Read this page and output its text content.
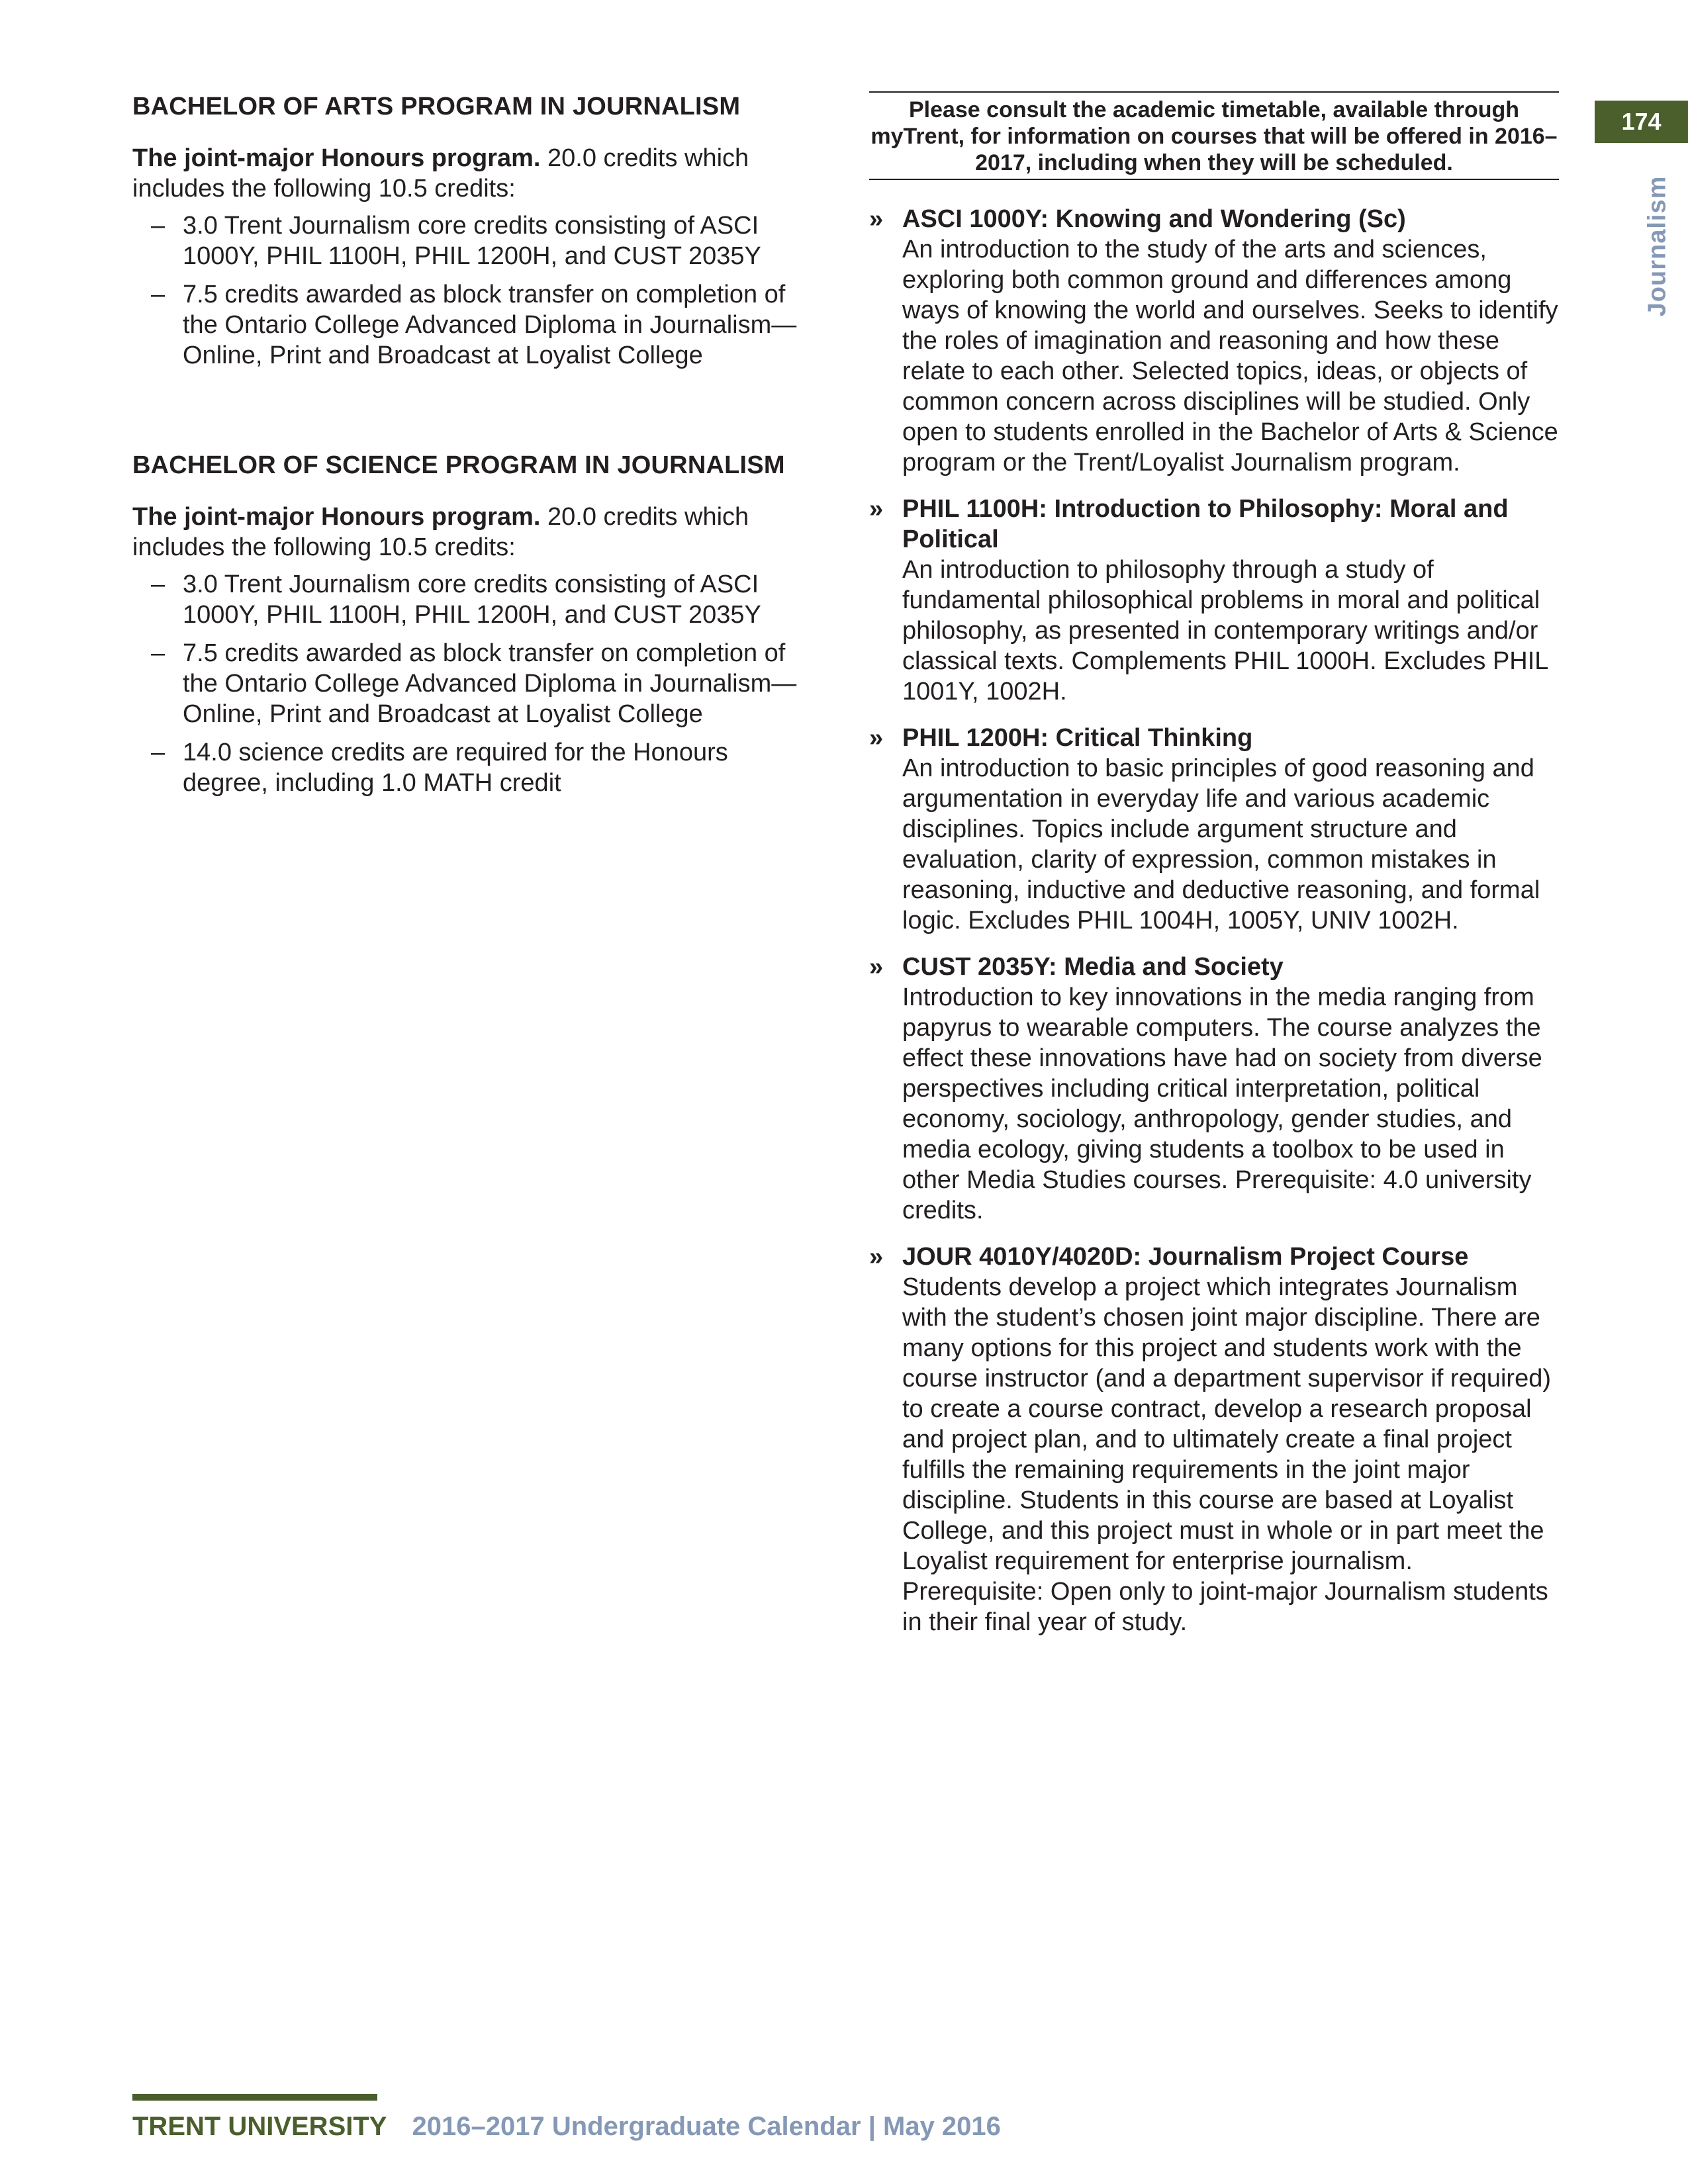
BACHELOR OF ARTS PROGRAM IN JOURNALISM

The joint-major Honours program. 20.0 credits which includes the following 10.5 credits:

– 3.0 Trent Journalism core credits consisting of ASCI 1000Y, PHIL 1100H, PHIL 1200H, and CUST 2035Y
– 7.5 credits awarded as block transfer on completion of the Ontario College Advanced Diploma in Journalism—Online, Print and Broadcast at Loyalist College
BACHELOR OF SCIENCE PROGRAM IN JOURNALISM

The joint-major Honours program. 20.0 credits which includes the following 10.5 credits:

– 3.0 Trent Journalism core credits consisting of ASCI 1000Y, PHIL 1100H, PHIL 1200H, and CUST 2035Y
– 7.5 credits awarded as block transfer on completion of the Ontario College Advanced Diploma in Journalism—Online, Print and Broadcast at Loyalist College
– 14.0 science credits are required for the Honours degree, including 1.0 MATH credit
Please consult the academic timetable, available through myTrent, for information on courses that will be offered in 2016–2017, including when they will be scheduled.
» ASCI 1000Y: Knowing and Wondering (Sc)
An introduction to the study of the arts and sciences, exploring both common ground and differences among ways of knowing the world and ourselves. Seeks to identify the roles of imagination and reasoning and how these relate to each other. Selected topics, ideas, or objects of common concern across disciplines will be studied. Only open to students enrolled in the Bachelor of Arts & Science program or the Trent/Loyalist Journalism program.
» PHIL 1100H: Introduction to Philosophy: Moral and Political
An introduction to philosophy through a study of fundamental philosophical problems in moral and political philosophy, as presented in contemporary writings and/or classical texts. Complements PHIL 1000H. Excludes PHIL 1001Y, 1002H.
» PHIL 1200H: Critical Thinking
An introduction to basic principles of good reasoning and argumentation in everyday life and various academic disciplines. Topics include argument structure and evaluation, clarity of expression, common mistakes in reasoning, inductive and deductive reasoning, and formal logic. Excludes PHIL 1004H, 1005Y, UNIV 1002H.
» CUST 2035Y: Media and Society
Introduction to key innovations in the media ranging from papyrus to wearable computers. The course analyzes the effect these innovations have had on society from diverse perspectives including critical interpretation, political economy, sociology, anthropology, gender studies, and media ecology, giving students a toolbox to be used in other Media Studies courses. Prerequisite: 4.0 university credits.
» JOUR 4010Y/4020D: Journalism Project Course
Students develop a project which integrates Journalism with the student’s chosen joint major discipline. There are many options for this project and students work with the course instructor (and a department supervisor if required) to create a course contract, develop a research proposal and project plan, and to ultimately create a final project fulfills the remaining requirements in the joint major discipline. Students in this course are based at Loyalist College, and this project must in whole or in part meet the Loyalist requirement for enterprise journalism. Prerequisite: Open only to joint-major Journalism students in their final year of study.
174
Journalism
TRENT UNIVERSITY 2016–2017 Undergraduate Calendar | May 2016
